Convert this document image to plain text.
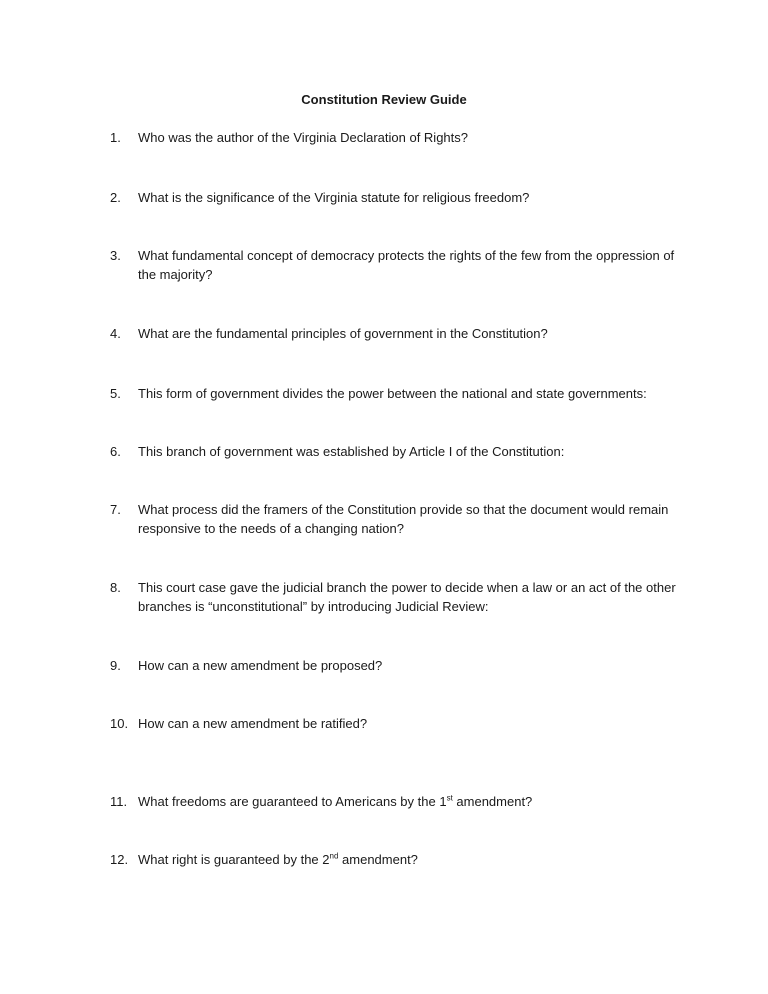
Constitution Review Guide
1.	Who was the author of the Virginia Declaration of Rights?
2.	What is the significance of the Virginia statute for religious freedom?
3.	What fundamental concept of democracy protects the rights of the few from the oppression of the majority?
4.	What are the fundamental principles of government in the Constitution?
5.	This form of government divides the power between the national and state governments:
6.	This branch of government was established by Article I of the Constitution:
7.	What process did the framers of the Constitution provide so that the document would remain responsive to the needs of a changing nation?
8.	This court case gave the judicial branch the power to decide when a law or an act of the other branches is “unconstitutional” by introducing Judicial Review:
9.	How can a new amendment be proposed?
10. How can a new amendment be ratified?
11. What freedoms are guaranteed to Americans by the 1st amendment?
12. What right is guaranteed by the 2nd amendment?
